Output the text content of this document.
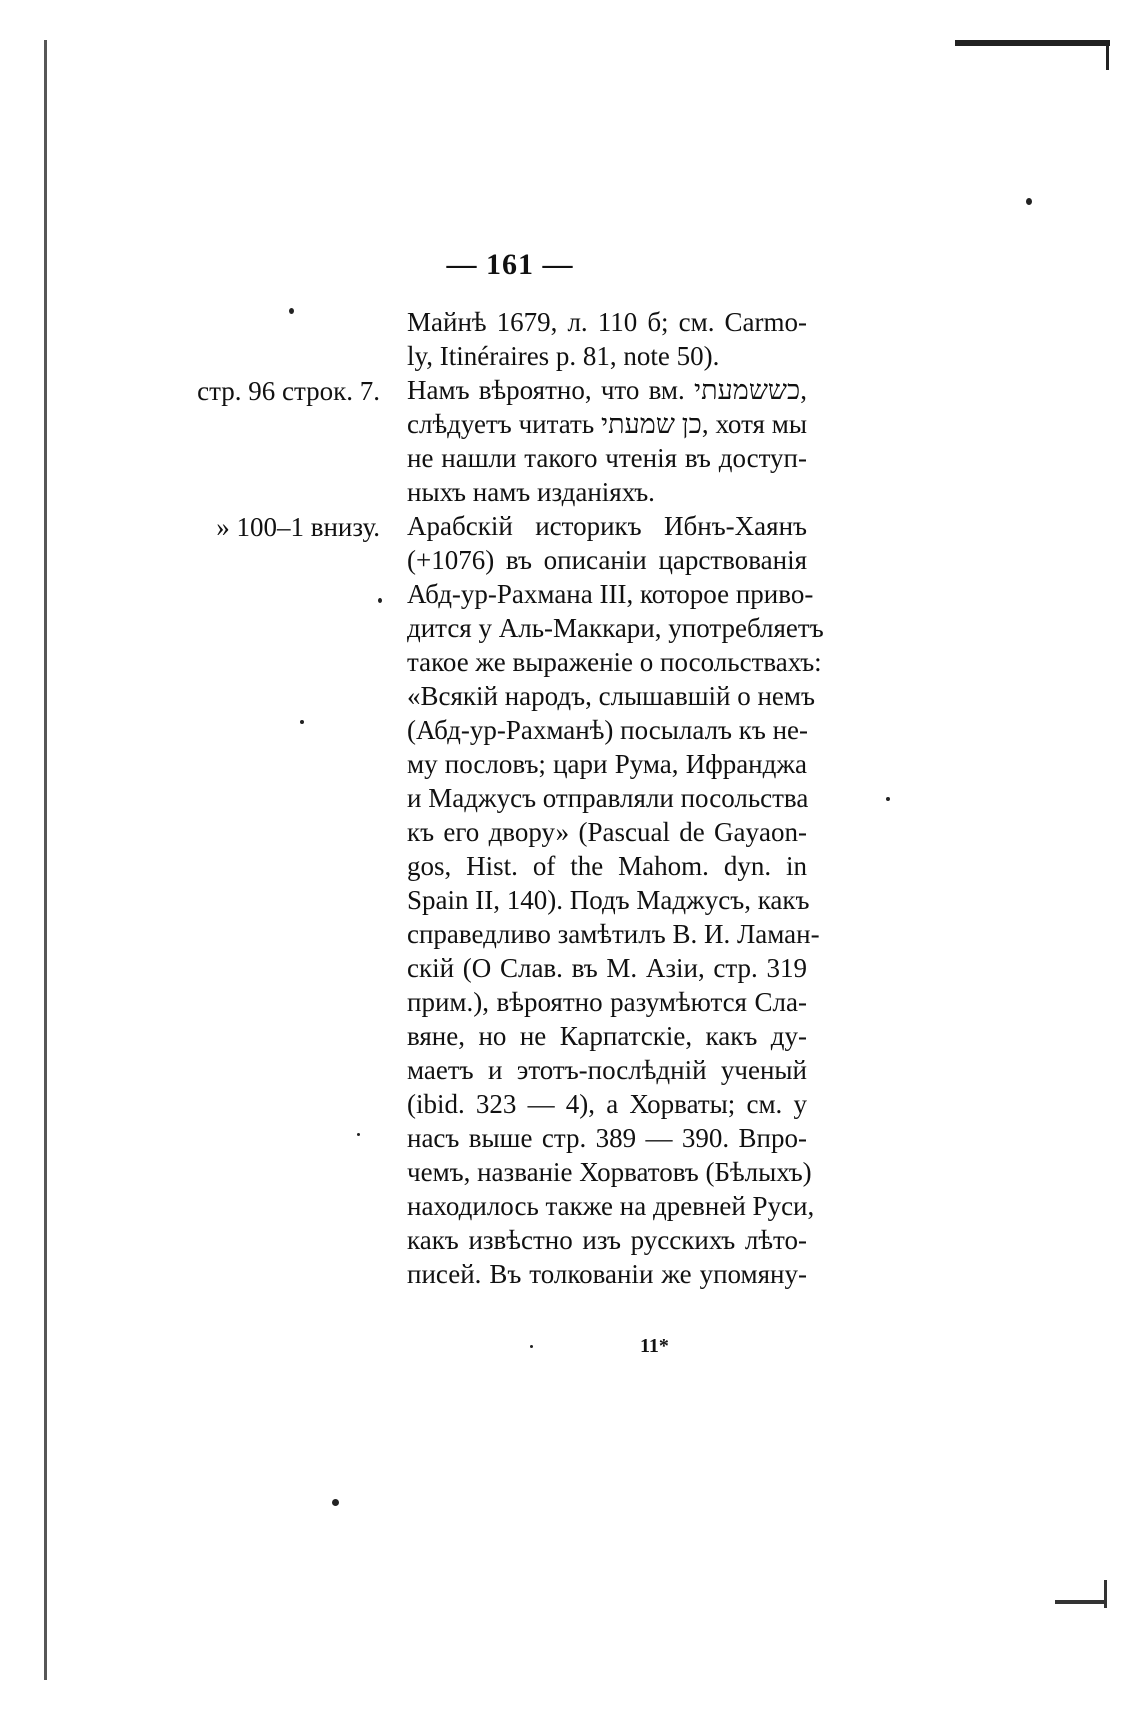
— 161 —
Майнѣ 1679, л. 110 б; см. Carmo-
ly, Itinéraires p. 81, note 50).
стр. 96 строк. 7. Намъ вѣроятно, что вм. כששמעתי,
слѣдуетъ читать כן שמעתי, хотя мы
не нашли такого чтенія въ доступ-
ныхъ намъ изданіяхъ.
» 100–1 внизу. Арабскій историкъ Ибнъ-Хаянъ
(+1076) въ описаніи царствованія
Абд-ур-Рахмана III, которое приво-
дится у Аль-Маккари, употребляетъ
такое же выраженіе о посольствахъ:
«Всякій народъ, слышавшій о немъ
(Абд-ур-Рахманѣ) посылалъ къ не-
му пословъ; цари Рума, Ифранджа
и Маджусъ отправляли посольства
къ его двору» (Pascual de Gayaon-
gos, Hist. of the Mahom. dyn. in
Spain II, 140). Подъ Маджусъ, какъ
справедливо замѣтилъ В. И. Ламан-
скій (О Слав. въ М. Азіи, стр. 319
прим.), вѣроятно разумѣются Сла-
вяне, но не Карпатскіе, какъ ду-
маетъ и этотъ-послѣдній ученый
(ibid. 323 — 4), а Хорваты; см. у
насъ выше стр. 389 — 390. Впро-
чемъ, названіе Хорватовъ (Бѣлыхъ)
находилось также на древней Руси,
какъ извѣстно изъ русскихъ лѣто-
писей. Въ толкованіи же упомяну-
11*
